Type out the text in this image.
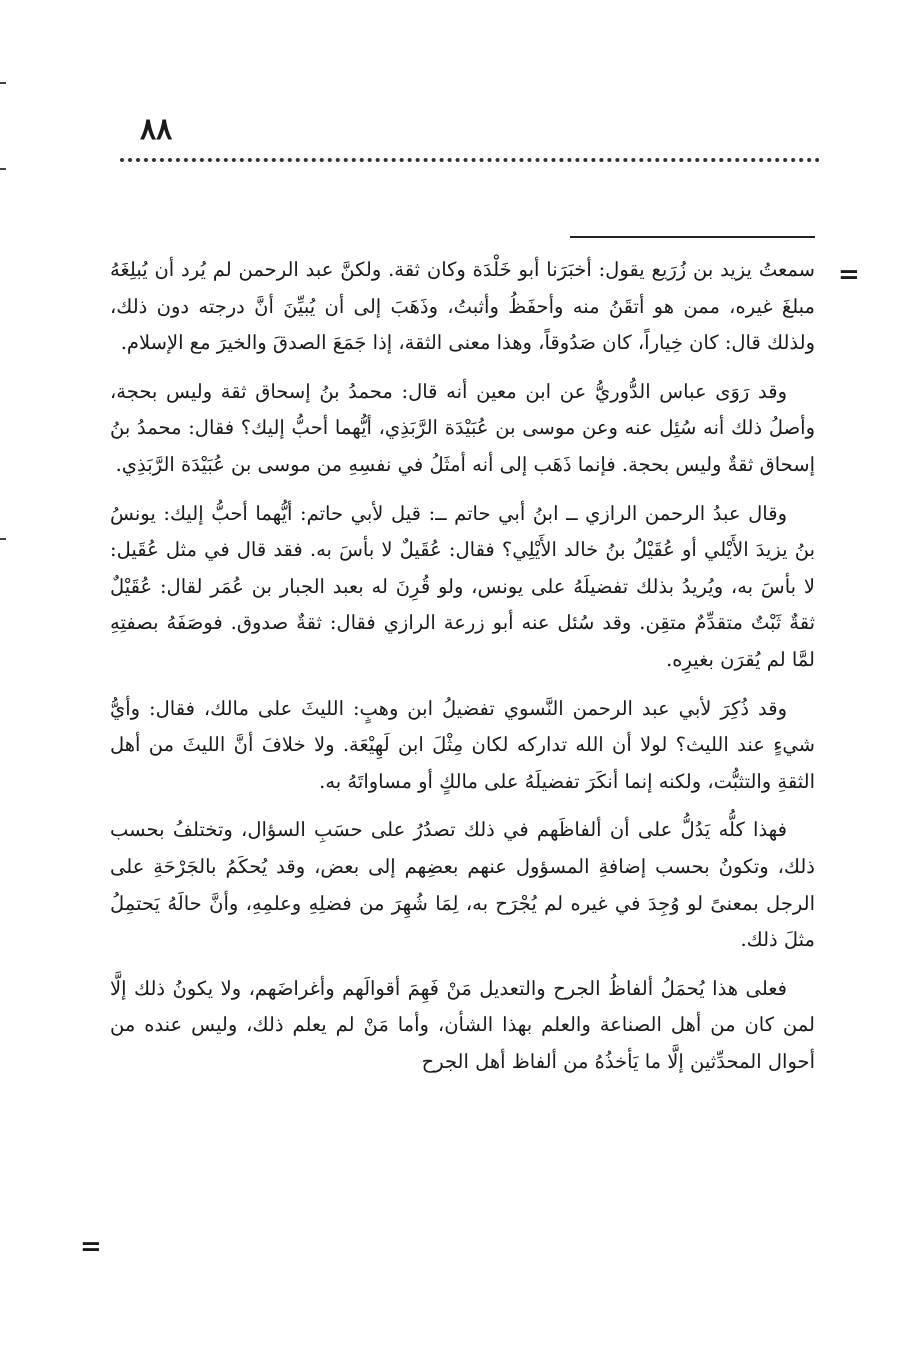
٨٨
=
=

سمعتُ يزيد بن زُرَيع يقول: أخبَرَنا أبو خَلْدَة وكان ثقة. ولكنَّ عبد الرحمن لم يُرد أن يُبلِغَهُ مبلغَ غيره، ممن هو أتقَنُ منه وأحفَظُ وأثبتُ، وذَهَبَ إلى أن يُبيِّنَ أنَّ درجته دون ذلك، ولذلك قال: كان خِياراً، كان صَدُوقاً، وهذا معنى الثقة، إذا جَمَعَ الصدقَ والخيرَ مع الإسلام.

وقد رَوَى عباس الدُّوريُّ عن ابن معين أنه قال: محمدُ بنُ إسحاق ثقة وليس بحجة، وأصلُ ذلك أنه سُئِل عنه وعن موسى بن عُبَيْدَة الرَّبَذِي، أيُّهما أحبُّ إليك؟ فقال: محمدُ بنُ إسحاق ثقةٌ وليس بحجة. فإنما ذَهَب إلى أنه أمثَلُ في نفسِهِ من موسى بن عُبَيْدَة الرَّبَذِي.

وقال عبدُ الرحمن الرازي ــ ابنُ أبي حاتم ــ: قيل لأبي حاتم: أيُّهما أحبُّ إليك: يونسُ بنُ يزيدَ الأَيْلي أو عُقَيْلُ بنُ خالد الأَيْلِي؟ فقال: عُقَيلٌ لا بأسَ به. فقد قال في مثل عُقَيل: لا بأسَ به، ويُريدُ بذلك تفضيلَهُ على يونس، ولو قُرِنَ له بعبد الجبار بن عُمَر لقال: عُقَيْلٌ ثقةٌ ثَبْتٌ متقدِّمٌ متقِن. وقد سُئل عنه أبو زرعة الرازي فقال: ثقةٌ صدوق. فوصَفَهُ بصفتِهِ لمَّا لم يُقرَن بغيرِه.

وقد ذُكِرَ لأبي عبد الرحمن النَّسوي تفضيلُ ابن وهبٍ: الليثَ على مالك، فقال: وأيُّ شيءٍ عند الليث؟ لولا أن الله تداركه لكان مِثْلَ ابن لَهِيْعَة. ولا خلافَ أنَّ الليثَ من أهل الثقةِ والتثبُّت، ولكنه إنما أنكَرَ تفضيلَهُ على مالكٍ أو مساواتَهُ به.

فهذا كلُّه يَدُلُّ على أن ألفاظَهم في ذلك تصدُرُ على حسَبِ السؤال، وتختلفُ بحسب ذلك، وتكونُ بحسب إضافةِ المسؤول عنهم بعضِهم إلى بعض، وقد يُحكَمُ بالجَرْحَةِ على الرجل بمعنىً لو وُجِدَ في غيره لم يُجْرَح به، لِمَا شُهِرَ من فضلِهِ وعلمِهِ، وأنَّ حالَهُ يَحتمِلُ مثلَ ذلك.

فعلى هذا يُحمَلُ ألفاظُ الجرح والتعديل مَنْ فَهِمَ أقوالَهم وأغراضَهم، ولا يكونُ ذلك إلَّا لمن كان من أهل الصناعة والعلم بهذا الشأن، وأما مَنْ لم يعلم ذلك، وليس عنده من أحوال المحدِّثين إلَّا ما يَأخذُهُ من ألفاظ أهل الجرح
